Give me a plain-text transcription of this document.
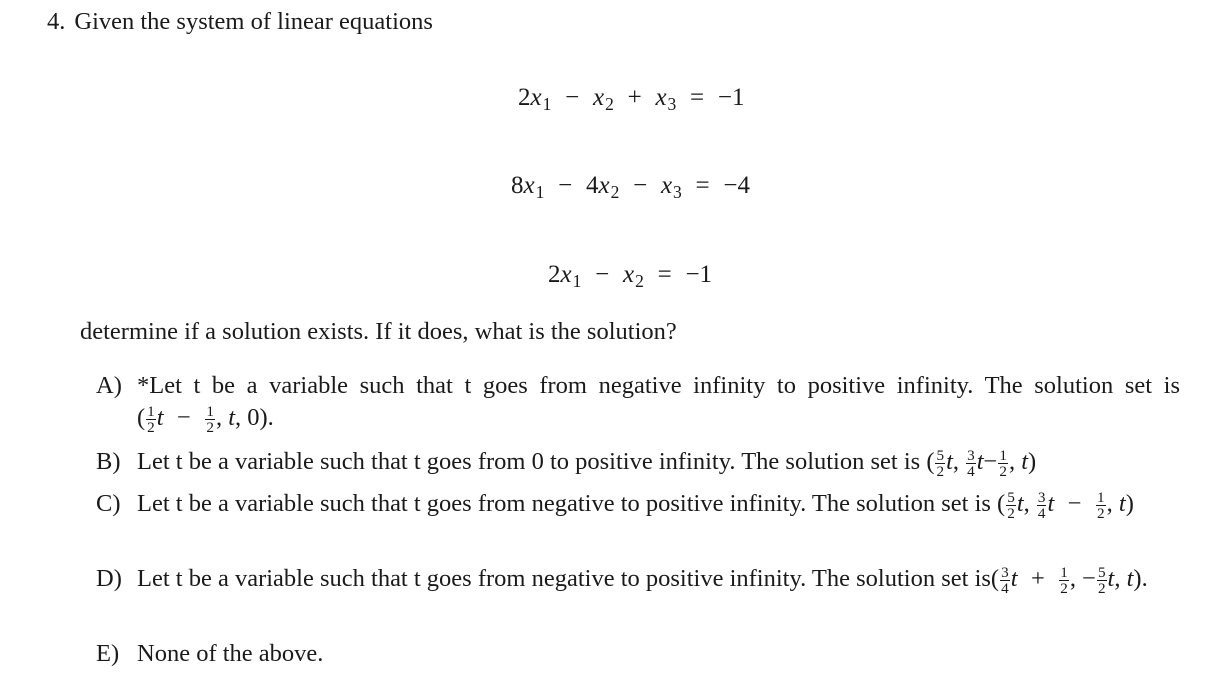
4. Given the system of linear equations
$2x_1 - x_2 + x_3 = -1$
$8x_1 - 4x_2 - x_3 = -4$
$2x_1 - x_2 = -1$
determine if a solution exists. If it does, what is the solution?
A) *Let t be a variable such that t goes from negative infinity to positive infinity. The solution set is ( $\frac{1}{2}$ $t - \frac{1}{2}$ , t, 0).
B) Let t be a variable such that t goes from 0 to positive infinity. The solution set is ( $\frac{5}{2} t$, $\frac{3}{4} t- \frac{1}{2}$ , t)
C) Let t be a variable such that t goes from negative to positive infinity. The solution set is ( $\frac{5}{2} t$, $\frac{3}{4}$ $t - \frac{1}{2}$ , t)
D) Let t be a variable such that t goes from negative to positive infinity. The solution set $is( \frac{3}{4}$ $t + \frac{1}{2}$ , − $\frac{5}{2} t$, t).
E) None of the above.
